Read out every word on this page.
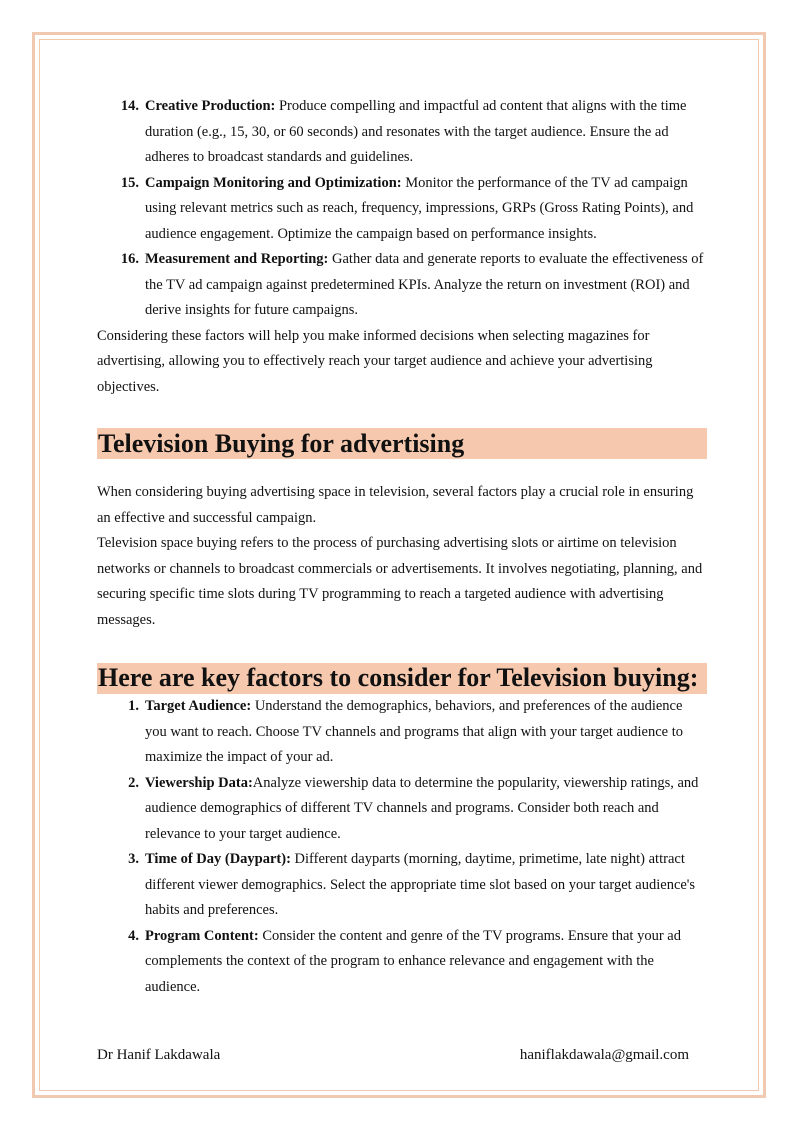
14. Creative Production: Produce compelling and impactful ad content that aligns with the time duration (e.g., 15, 30, or 60 seconds) and resonates with the target audience. Ensure the ad adheres to broadcast standards and guidelines.
15. Campaign Monitoring and Optimization: Monitor the performance of the TV ad campaign using relevant metrics such as reach, frequency, impressions, GRPs (Gross Rating Points), and audience engagement. Optimize the campaign based on performance insights.
16. Measurement and Reporting: Gather data and generate reports to evaluate the effectiveness of the TV ad campaign against predetermined KPIs. Analyze the return on investment (ROI) and derive insights for future campaigns.

Considering these factors will help you make informed decisions when selecting magazines for advertising, allowing you to effectively reach your target audience and achieve your advertising objectives.

Television Buying for advertising

When considering buying advertising space in television, several factors play a crucial role in ensuring an effective and successful campaign.

Television space buying refers to the process of purchasing advertising slots or airtime on television networks or channels to broadcast commercials or advertisements. It involves negotiating, planning, and securing specific time slots during TV programming to reach a targeted audience with advertising messages.

Here are key factors to consider for Television buying:
1. Target Audience: Understand the demographics, behaviors, and preferences of the audience you want to reach. Choose TV channels and programs that align with your target audience to maximize the impact of your ad.
2. Viewership Data:Analyze viewership data to determine the popularity, viewership ratings, and audience demographics of different TV channels and programs. Consider both reach and relevance to your target audience.
3. Time of Day (Daypart): Different dayparts (morning, daytime, primetime, late night) attract different viewer demographics. Select the appropriate time slot based on your target audience's habits and preferences.
4. Program Content: Consider the content and genre of the TV programs. Ensure that your ad complements the context of the program to enhance relevance and engagement with the audience.
Dr Hanif Lakdawala	haniflakdawala@gmail.com
